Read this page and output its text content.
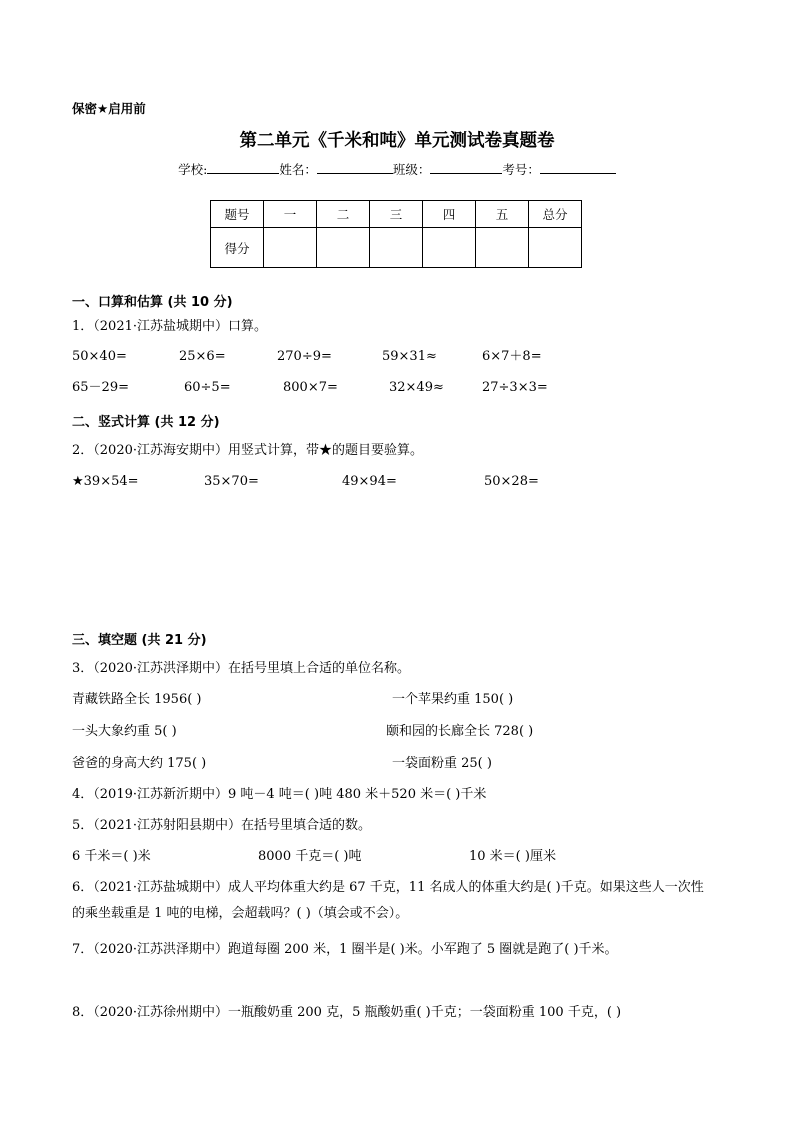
保密★启用前
第二单元《千米和吨》单元测试卷真题卷
学校:	姓名：	班级：	考号：
题号	一	二	三	四	五	总分
得分						
一、口算和估算 (共 10 分)
1．（2021·江苏盐城期中）口算。
50×40=	25×6=	270÷9=	59×31≈	6×7＋8=
65－29=	60÷5=	800×7=	32×49≈	27÷3×3=
二、竖式计算 (共 12 分)
2．（2020·江苏海安期中）用竖式计算，带★的题目要验算。
★39×54=	35×70=	49×94=	50×28=
三、填空题 (共 21 分)
3．（2020·江苏洪泽期中）在括号里填上合适的单位名称。
青藏铁路全长 1956( )	一个苹果约重 150( )
一头大象约重 5( )	颐和园的长廊全长 728( )
爸爸的身高大约 175( )	一袋面粉重 25( )
4．（2019·江苏新沂期中）9 吨－4 吨＝( )吨 480 米＋520 米＝( )千米
5．（2021·江苏射阳县期中）在括号里填合适的数。
6 千米＝( )米	8000 千克＝( )吨	10 米＝( )厘米
6．（2021·江苏盐城期中）成人平均体重大约是 67 千克，11 名成人的体重大约是( )千克。如果这些人一次性的乘坐载重是 1 吨的电梯，会超载吗？( )（填会或不会）。
7．（2020·江苏洪泽期中）跑道每圈 200 米，1 圈半是( )米。小军跑了 5 圈就是跑了( )千米。
8．（2020·江苏徐州期中）一瓶酸奶重 200 克，5 瓶酸奶重( )千克；一袋面粉重 100 千克，( )
